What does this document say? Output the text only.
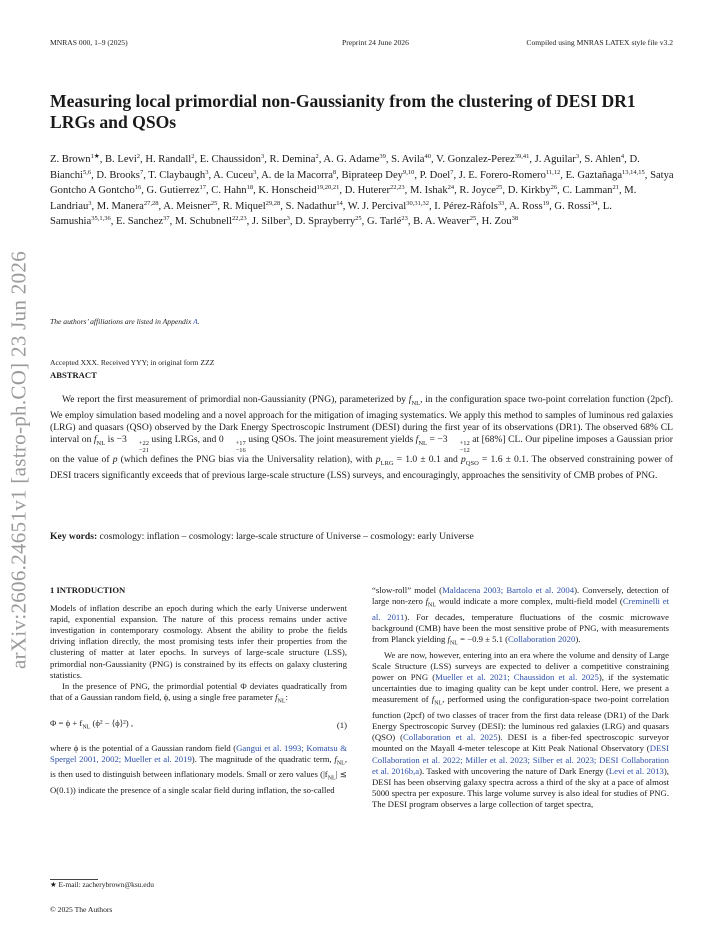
arXiv:2606.24651v1 [astro-ph.CO] 23 Jun 2026
MNRAS 000, 1–9 (2025)	Preprint 24 June 2026	Compiled using MNRAS LATEX style file v3.2
Measuring local primordial non-Gaussianity from the clustering of DESI DR1 LRGs and QSOs
Z. Brown$^{1★}$, B. Levi$^2$, H. Randall$^2$, E. Chaussidon$^3$, R. Demina$^2$, A. G. Adame$^{39}$, S. Avila$^{40}$, V. Gonzalez-Perez$^{39,41}$, J. Aguilar$^3$, S. Ahlen$^4$, D. Bianchi$^{5,6}$, D. Brooks$^7$, T. Claybaugh$^3$, A. Cuceu$^3$, A. de la Macorra$^8$, Biprateep Dey$^{9,10}$, P. Doel$^7$, J. E. Forero-Romero$^{11,12}$, E. Gaztañaga$^{13,14,15}$, Satya Gontcho A Gontcho$^{16}$, G. Gutierrez$^{17}$, C. Hahn$^{18}$, K. Honscheid$^{19,20,21}$, D. Huterer$^{22,23}$, M. Ishak$^{24}$, R. Joyce$^{25}$, D. Kirkby$^{26}$, C. Lamman$^{21}$, M. Landriau$^3$, M. Manera$^{27,28}$, A. Meisner$^{25}$, R. Miquel$^{29,28}$, S. Nadathur$^{14}$, W. J. Percival$^{30,31,32}$, I. Pérez-Ràfols$^{33}$, A. Ross$^{19}$, G. Rossi$^{34}$, L. Samushia$^{35,1,36}$, E. Sanchez$^{37}$, M. Schubnell$^{22,23}$, J. Silber$^3$, D. Sprayberry$^{25}$, G. Tarlé$^{23}$, B. A. Weaver$^{25}$, H. Zou$^{38}$
The authors’ affiliations are listed in Appendix A.
Accepted XXX. Received YYY; in original form ZZZ
ABSTRACT
We report the first measurement of primordial non-Gaussianity (PNG), parameterized by $f_{NL}$, in the configuration space two-point correlation function (2pcf). We employ simulation based modeling and a novel approach for the mitigation of imaging systematics. We apply this method to samples of luminous red galaxies (LRG) and quasars (QSO) observed by the Dark Energy Spectroscopic Instrument (DESI) during the first year of its observations (DR1). The observed 68% CL interval on $f_{NL}$ is −3	+22
−21
using LRGs, and 0	+17
−16
using QSOs. The joint measurement yields $f_{NL} = -3$	+12
−12
at [68%] CL. Our pipeline imposes a Gaussian prior on the value of p (which defines the PNG bias via the Universality relation), with $p_{LRG} = 1.0 \pm 0.1$ and $p_{QSO} = 1.6 \pm 0.1$. The observed constraining power of DESI tracers significantly exceeds that of previous large-scale structure (LSS) surveys, and encouragingly, approaches the sensitivity of CMB probes of PNG.
Key words: cosmology: inflation – cosmology: large-scale structure of Universe – cosmology: early Universe
1 INTRODUCTION

Models of inflation describe an epoch during which the early Universe underwent rapid, exponential expansion. The nature of this process remains under active investigation in contemporary cosmology. Absent the ability to probe the fields driving inflation directly, the most promising tests infer their properties from the clustering of matter at later epochs. In surveys of large-scale structure (LSS), primordial non-Gaussianity (PNG) is constrained by its effects on galaxy clustering statistics.

In the presence of PNG, the primordial potential Φ deviates quadratically from that of a Gaussian random field, ϕ, using a single free parameter $f_{NL}$:

$\Phi = \phi + f_{NL}$ (ϕ² − ⟨ϕ⟩²) ,	(1)

where ϕ is the potential of a Gaussian random field (Gangui et al. 1993; Komatsu & Spergel 2001, 2002; Mueller et al. 2019). The magnitude of the quadratic term, $f_{NL}$, is then used to distinguish between inflationary models. Small or zero values ($|f_{NL}|$ ≲ O(0.1)) indicate the presence of a single scalar field during inflation, the so-called

“slow-roll” model (Maldacena 2003; Bartolo et al. 2004). Conversely, detection of large non-zero $f_{NL}$ would indicate a more complex, multi-field model (Creminelli et al. 2011). For decades, temperature fluctuations of the cosmic microwave background (CMB) have been the most sensitive probe of PNG, with measurements from Planck yielding $f_{NL} = -0.9 \pm 5.1$ (Collaboration 2020).

We are now, however, entering into an era where the volume and density of Large Scale Structure (LSS) surveys are expected to deliver a competitive constraining power on PNG (Mueller et al. 2021; Chaussidon et al. 2025), if the systematic uncertainties due to imaging quality can be kept under control. Here, we present a measurement of $f_{NL}$, performed using the configuration-space two-point correlation function (2pcf) of two classes of tracer from the first data release (DR1) of the Dark Energy Spectroscopic Survey (DESI): the luminous red galaxies (LRG) and quasars (QSO) (Collaboration et al. 2025). DESI is a fiber-fed spectroscopic surveyor mounted on the Mayall 4-meter telescope at Kitt Peak National Observatory (DESI Collaboration et al. 2022; Miller et al. 2023; Silber et al. 2023; DESI Collaboration et al. 2016b,a). Tasked with uncovering the nature of Dark Energy (Levi et al. 2013), DESI has been observing galaxy spectra across a third of the sky at a pace of almost 5000 spectra per exposure. This large volume survey is also ideal for studies of PNG. The DESI program observes a large collection of target spectra,

★ E-mail: zacherybrown@ksu.edu
© 2025 The Authors
